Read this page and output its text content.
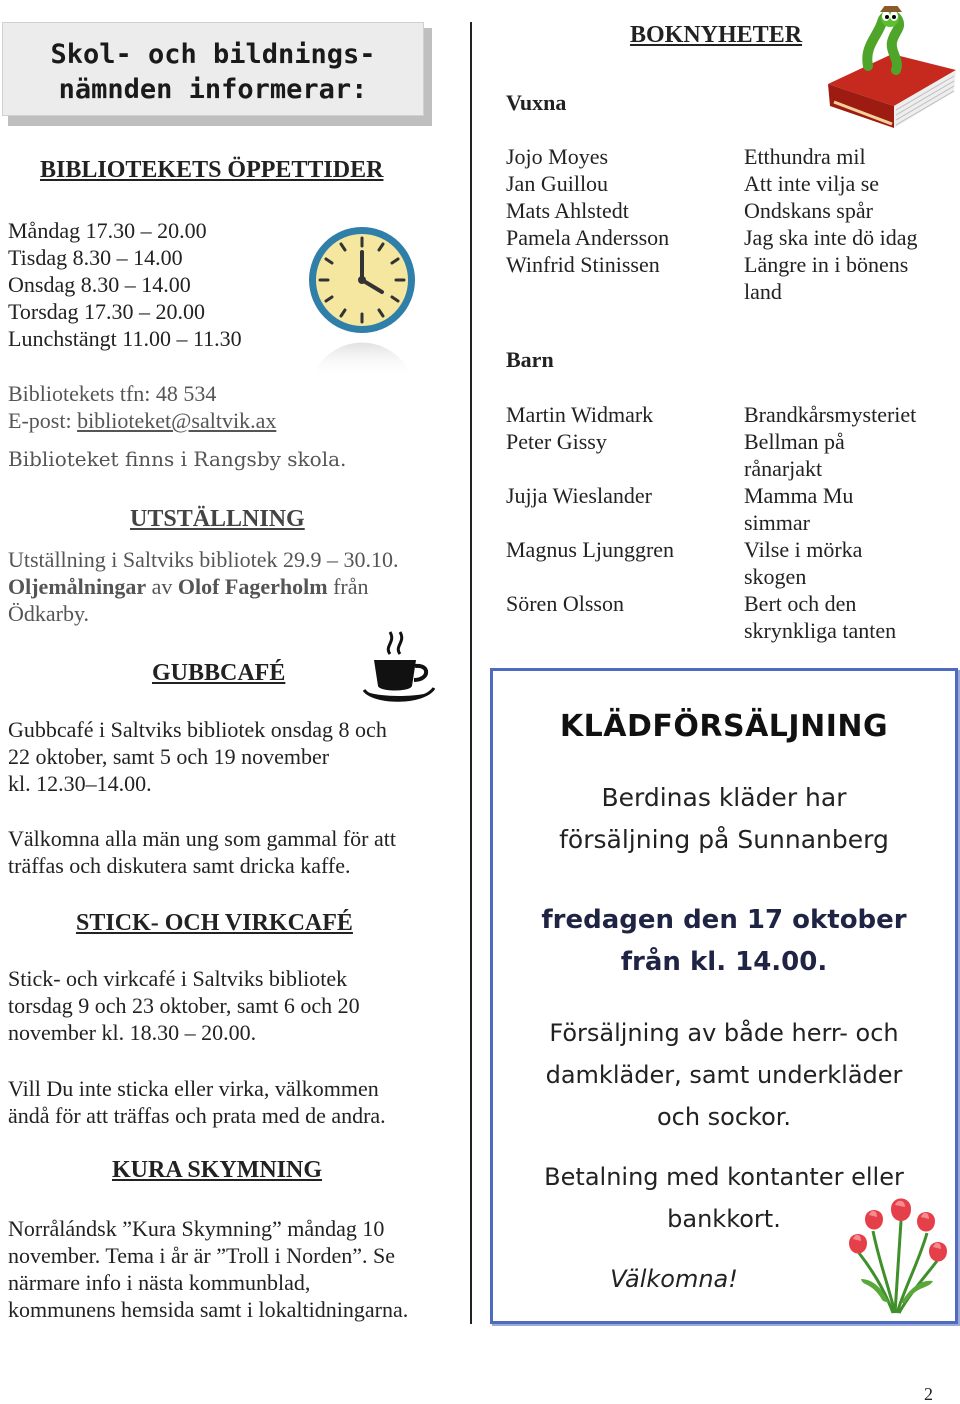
Skol- och bildnings-
nämnden informerar:
BIBLIOTEKETS ÖPPETTIDER
Måndag 17.30 – 20.00
Tisdag 8.30 – 14.00
Onsdag 8.30 – 14.00
Torsdag 17.30 – 20.00
Lunchstängt 11.00 – 11.30
Bibliotekets tfn: 48 534
E-post: biblioteket@saltvik.ax
Biblioteket finns i Rangsby skola.
UTSTÄLLNING
Utställning i Saltviks bibliotek 29.9 – 30.10.
Oljemålningar av Olof Fagerholm från
Ödkarby.
GUBBCAFÉ
Gubbcafé i Saltviks bibliotek onsdag 8 och
22 oktober, samt 5 och 19 november
kl. 12.30–14.00.
Välkomna alla män ung som gammal för att
träffas och diskutera samt dricka kaffe.
STICK- OCH VIRKCAFÉ
Stick- och virkcafé i Saltviks bibliotek
torsdag 9 och 23 oktober, samt 6 och 20
november kl. 18.30 – 20.00.
Vill Du inte sticka eller virka, välkommen
ändå för att träffas och prata med de andra.
KURA SKYMNING
Norrålándsk ”Kura Skymning” måndag 10
november. Tema i år är ”Troll i Norden”. Se
närmare info i nästa kommunblad,
kommunens hemsida samt i lokaltidningarna.
BOKNYHETER
Vuxna
Jojo Moyes
Jan Guillou
Mats Ahlstedt
Pamela Andersson
Winfrid Stinissen
Etthundra mil
Att inte vilja se
Ondskans spår
Jag ska inte dö idag
Längre in i bönens
land
Barn
Martin Widmark
Peter Gissy
Jujja Wieslander
Magnus Ljunggren
Sören Olsson
Brandkårsmysteriet
Bellman på
rånarjakt
Mamma Mu
simmar
Vilse i mörka
skogen
Bert och den
skrynkliga tanten
KLÄDFÖRSÄLJNING
Berdinas kläder har
försäljning på Sunnanberg
fredagen den 17 oktober
från kl. 14.00.
Försäljning av både herr- och
damkläder, samt underkläder
och sockor.
Betalning med kontanter eller
bankkort.
Välkomna!
2
